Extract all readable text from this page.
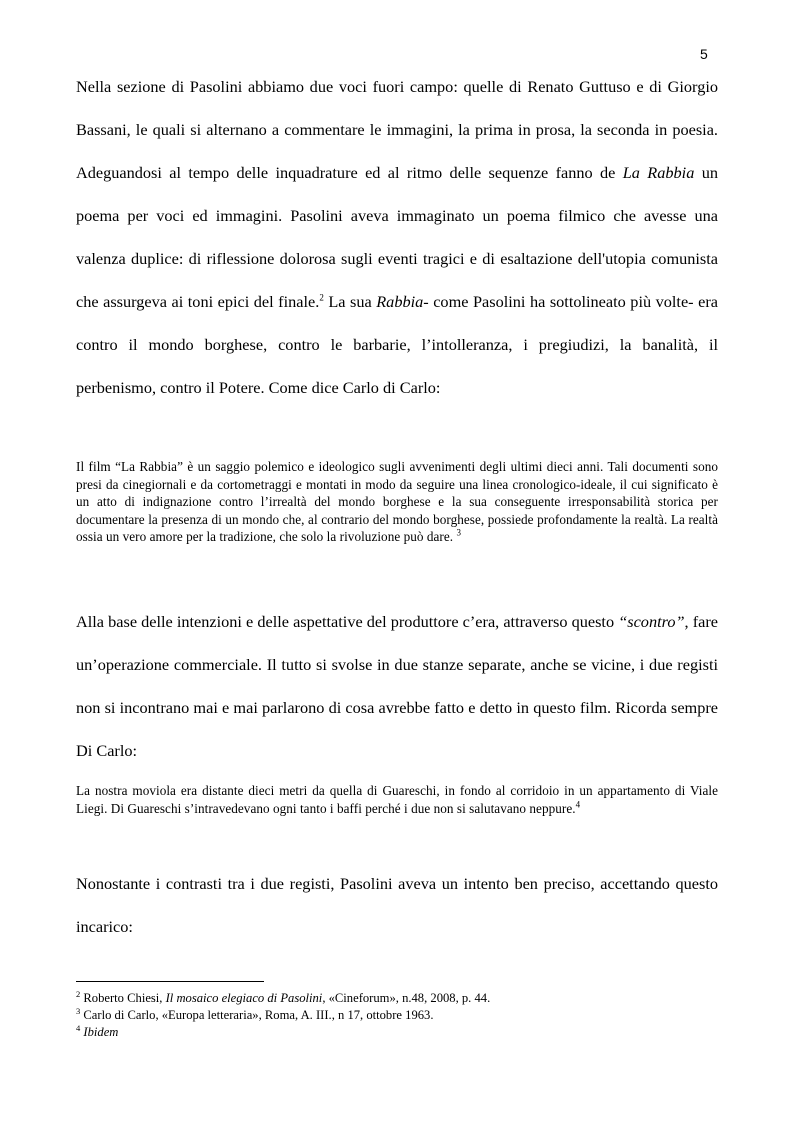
5

Nella sezione di Pasolini abbiamo due voci fuori campo: quelle di Renato Guttuso e di Giorgio Bassani, le quali si alternano a commentare le immagini, la prima in prosa, la seconda in poesia. Adeguandosi al tempo delle inquadrature ed al ritmo delle sequenze fanno de La Rabbia un poema per voci ed immagini. Pasolini aveva immaginato un poema filmico che avesse una valenza duplice: di riflessione dolorosa sugli eventi tragici e di esaltazione dell'utopia comunista che assurgeva ai toni epici del finale.$^2$ La sua Rabbia- come Pasolini ha sottolineato più volte- era contro il mondo borghese, contro le barbarie, l’intolleranza, i pregiudizi, la banalità, il perbenismo, contro il Potere. Come dice Carlo di Carlo:

Il film “La Rabbia” è un saggio polemico e ideologico sugli avvenimenti degli ultimi dieci anni. Tali documenti sono presi da cinegiornali e da cortometraggi e montati in modo da seguire una linea cronologico-ideale, il cui significato è un atto di indignazione contro l’irrealtà del mondo borghese e la sua conseguente irresponsabilità storica per documentare la presenza di un mondo che, al contrario del mondo borghese, possiede profondamente la realtà. La realtà ossia un vero amore per la tradizione, che solo la rivoluzione può dare. $^3$

Alla base delle intenzioni e delle aspettative del produttore c’era, attraverso questo “scontro”, fare un’operazione commerciale. Il tutto si svolse in due stanze separate, anche se vicine, i due registi non si incontrano mai e mai parlarono di cosa avrebbe fatto e detto in questo film. Ricorda sempre Di Carlo:

La nostra moviola era distante dieci metri da quella di Guareschi, in fondo al corridoio in un appartamento di Viale Liegi. Di Guareschi s’intravedevano ogni tanto i baffi perché i due non si salutavano neppure.$^4$

Nonostante i contrasti tra i due registi, Pasolini aveva un intento ben preciso, accettando questo incarico:

$^2$ Roberto Chiesi, Il mosaico elegiaco di Pasolini, «Cineforum», n.48, 2008, p. 44.

$^3$ Carlo di Carlo, «Europa letteraria», Roma, A. III., n 17, ottobre 1963.

$^4$ Ibidem
